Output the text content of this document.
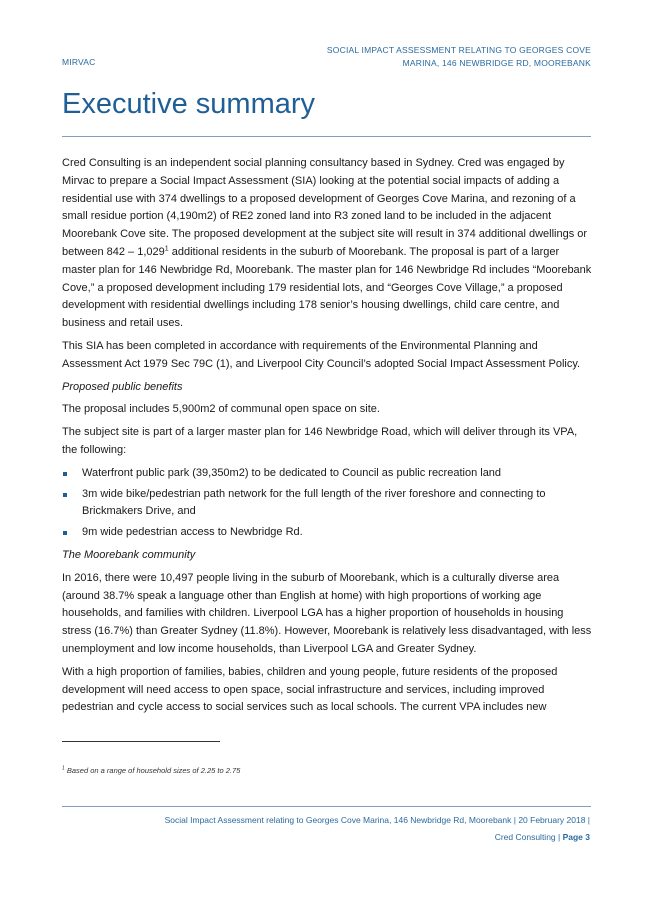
MIRVAC
SOCIAL IMPACT ASSESSMENT RELATING TO GEORGES COVE
MARINA, 146 NEWBRIDGE RD, MOOREBANK
Executive summary

Cred Consulting is an independent social planning consultancy based in Sydney. Cred was engaged by Mirvac to prepare a Social Impact Assessment (SIA) looking at the potential social impacts of adding a residential use with 374 dwellings to a proposed development of Georges Cove Marina, and rezoning of a small residue portion (4,190m2) of RE2 zoned land into R3 zoned land to be included in the adjacent Moorebank Cove site. The proposed development at the subject site will result in 374 additional dwellings or between 842 – 1,029$^1$ additional residents in the suburb of Moorebank. The proposal is part of a larger master plan for 146 Newbridge Rd, Moorebank. The master plan for 146 Newbridge Rd includes “Moorebank Cove,” a proposed development including 179 residential lots, and “Georges Cove Village,” a proposed development with residential dwellings including 178 senior’s housing dwellings, child care centre, and business and retail uses.

This SIA has been completed in accordance with requirements of the Environmental Planning and Assessment Act 1979 Sec 79C (1), and Liverpool City Council’s adopted Social Impact Assessment Policy.

Proposed public benefits

The proposal includes 5,900m2 of communal open space on site.

The subject site is part of a larger master plan for 146 Newbridge Road, which will deliver through its VPA, the following:

Waterfront public park (39,350m2) to be dedicated to Council as public recreation land
3m wide bike/pedestrian path network for the full length of the river foreshore and connecting to Brickmakers Drive, and
9m wide pedestrian access to Newbridge Rd.

The Moorebank community

In 2016, there were 10,497 people living in the suburb of Moorebank, which is a culturally diverse area (around 38.7% speak a language other than English at home) with high proportions of working age households, and families with children. Liverpool LGA has a higher proportion of households in housing stress (16.7%) than Greater Sydney (11.8%). However, Moorebank is relatively less disadvantaged, with less unemployment and low income households, than Liverpool LGA and Greater Sydney.

With a high proportion of families, babies, children and young people, future residents of the proposed development will need access to open space, social infrastructure and services, including improved pedestrian and cycle access to social services such as local schools. The current VPA includes new

$^1$ Based on a range of household sizes of 2.25 to 2.75
Social Impact Assessment relating to Georges Cove Marina, 146 Newbridge Rd, Moorebank | 20 February 2018 |
Cred Consulting | Page 3
